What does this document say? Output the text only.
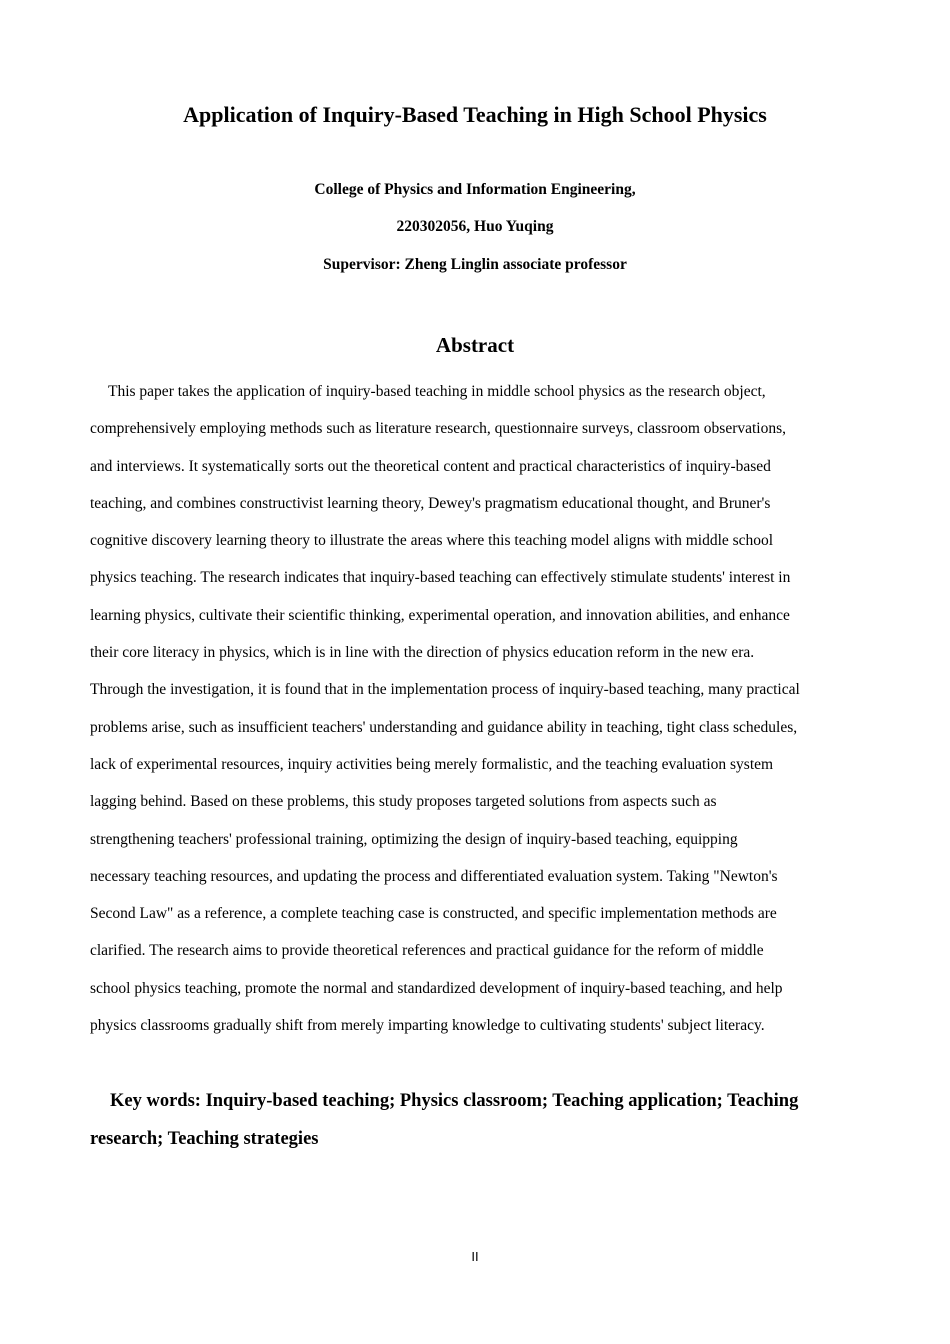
Application of Inquiry-Based Teaching in High School Physics
College of Physics and Information Engineering,
220302056, Huo Yuqing
Supervisor: Zheng Linglin associate professor
Abstract
This paper takes the application of inquiry-based teaching in middle school physics as the research object,
comprehensively employing methods such as literature research, questionnaire surveys, classroom observations,
and interviews. It systematically sorts out the theoretical content and practical characteristics of inquiry-based
teaching, and combines constructivist learning theory, Dewey's pragmatism educational thought, and Bruner's
cognitive discovery learning theory to illustrate the areas where this teaching model aligns with middle school
physics teaching. The research indicates that inquiry-based teaching can effectively stimulate students' interest in
learning physics, cultivate their scientific thinking, experimental operation, and innovation abilities, and enhance
their core literacy in physics, which is in line with the direction of physics education reform in the new era.
Through the investigation, it is found that in the implementation process of inquiry-based teaching, many practical
problems arise, such as insufficient teachers' understanding and guidance ability in teaching, tight class schedules,
lack of experimental resources, inquiry activities being merely formalistic, and the teaching evaluation system
lagging behind. Based on these problems, this study proposes targeted solutions from aspects such as
strengthening teachers' professional training, optimizing the design of inquiry-based teaching, equipping
necessary teaching resources, and updating the process and differentiated evaluation system. Taking "Newton's
Second Law" as a reference, a complete teaching case is constructed, and specific implementation methods are
clarified. The research aims to provide theoretical references and practical guidance for the reform of middle
school physics teaching, promote the normal and standardized development of inquiry-based teaching, and help
physics classrooms gradually shift from merely imparting knowledge to cultivating students' subject literacy.
Key words: Inquiry-based teaching; Physics classroom; Teaching application; Teaching
research; Teaching strategies
II
